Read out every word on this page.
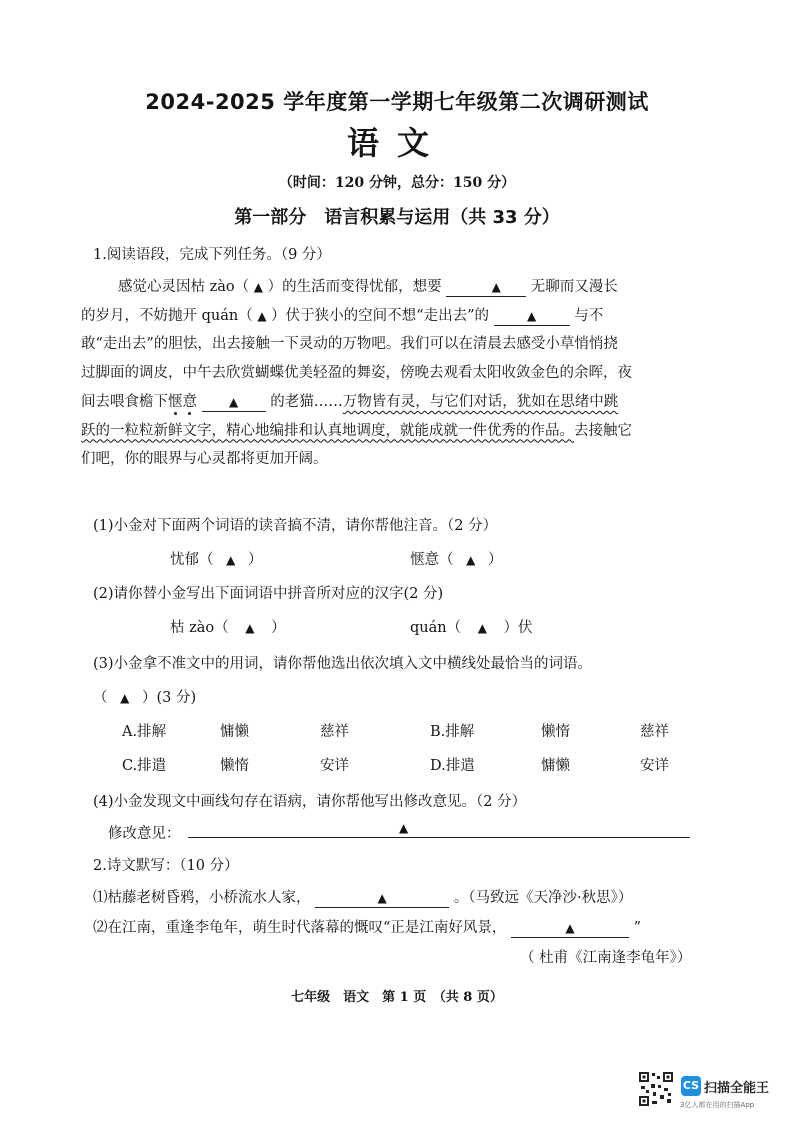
2024-2025 学年度第一学期七年级第二次调研测试
语文
（时间：120 分钟，总分：150 分）
第一部分　语言积累与运用（共 33 分）
1.阅读语段，完成下列任务。（9 分）

感觉心灵因枯 zào（ ▲ ）的生活而变得忧郁，想要	▲ 无聊而又漫长

的岁月，不妨抛开 quán（ ▲ ）伏于狭小的空间不想“走出去”的	▲	与不

敢“走出去”的胆怯，出去接触一下灵动的万物吧。我们可以在清晨去感受小草悄悄挠

过脚面的调皮，中午去欣赏蝴蝶优美轻盈的舞姿，傍晚去观看太阳收敛金色的余晖，夜

间去喂食檐下惬意	▲ 的老猫……万物皆有灵，与它们对话，犹如在思绪中跳

跃的一粒粒新鲜文字，精心地编排和认真地调度，就能成就一件优秀的作品。去接触它

们吧，你的眼界与心灵都将更加开阔。

(1)小金对下面两个词语的读音搞不清，请你帮他注音。（2 分）
忧郁（ ▲ ）	惬意（ ▲ ）
(2)请你替小金写出下面词语中拼音所对应的汉字(2 分)
枯 zào（ ▲ ）	quán（ ▲ ）伏
(3)小金拿不准文中的用词，请你帮他选出依次填入文中横线处最恰当的词语。
（ ▲ ）(3 分)
A.排解	慵懒	慈祥	B.排解	懒惰	慈祥
C.排遣	懒惰	安详	D.排遣	慵懒	安详
(4)小金发现文中画线句存在语病，请你帮他写出修改意见。（2 分）
修改意见：	▲
2.诗文默写：（10 分）
⑴枯藤老树昏鸦，小桥流水人家，	▲	。（马致远《天净沙·秋思》）
⑵在江南，重逢李龟年，萌生时代落幕的慨叹“正是江南好风景，	▲	”
（ 杜甫《江南逢李龟年》）
七年级　语文　第 1 页　（共 8 页）
CS 扫描全能王
3亿人都在用的扫描App
